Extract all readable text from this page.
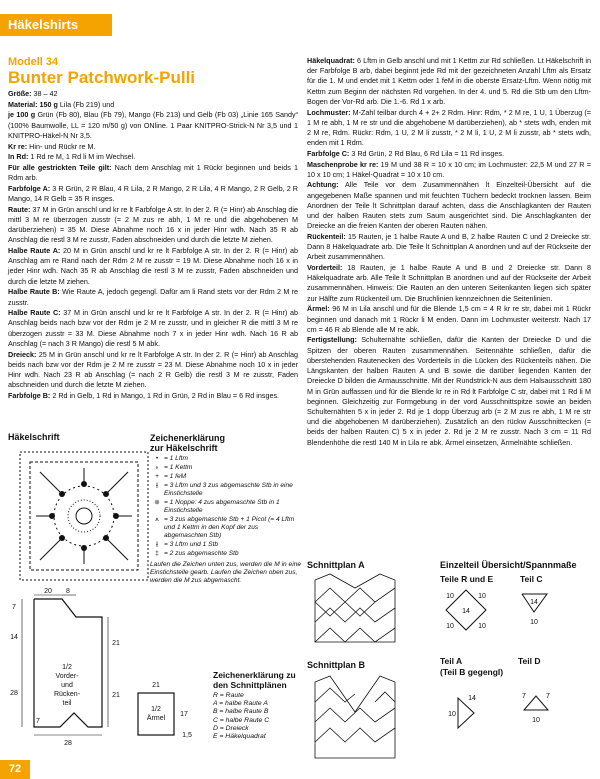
Häkelshirts
Modell 34
Bunter Patchwork-Pulli

Größe: 38 – 42

Material: 150 g Lila (Fb 219) und

je 100 g Grün (Fb 80), Blau (Fb 79), Mango (Fb 213) und Gelb (Fb 03) „Linie 165 Sandy“ (100% Baumwolle, LL = 120 m/50 g) von ONline. 1 Paar KNITPRO-Strick-N Nr 3,5 und 1 KNITPRO-Häkel-N Nr 3,5.

Kr re: Hin- und Rückr re M.

In Rd: 1 Rd re M, 1 Rd li M im Wechsel.

Für alle gestrickten Teile gilt: Nach dem Anschlag mit 1 Rückr beginnen und beids 1 Rdm arb.

Farbfolge A: 3 R Grün, 2 R Blau, 4 R Lila, 2 R Mango, 2 R Lila, 4 R Mango, 2 R Gelb, 2 R Mango, 14 R Gelb = 35 R insges.

Raute: 37 M in Grün anschl und kr re lt Farbfolge A str. In der 2. R (= Hinr) ab Anschlag die mittl 3 M re überzogen zusstr (= 2 M zus re abh, 1 M re und die abgehobenen M darüberziehen) = 35 M. Diese Abnahme noch 16 x in jeder Hinr wdh. Nach 35 R ab Anschlag die restl 3 M re zusstr, Faden abschneiden und durch die letzte M ziehen.

Halbe Raute A: 20 M in Grün anschl und kr re lt Farbfolge A str. In der 2. R (= Hinr) ab Anschlag am re Rand nach der Rdm 2 M re zusstr = 19 M. Diese Abnahme noch 16 x in jeder Hinr wdh. Nach 35 R ab Anschlag die restl 3 M re zusstr, Faden abschneiden und durch die letzte M ziehen.

Halbe Raute B: Wie Raute A, jedoch gegengl. Dafür am li Rand stets vor der Rdm 2 M re zusstr.

Halbe Raute C: 37 M in Grün anschl und kr re lt Farbfolge A str. In der 2. R (= Hinr) ab Anschlag beids nach bzw vor der Rdm je 2 M re zusstr, und in gleicher R die mittl 3 M re überzogen zusstr = 33 M. Diese Abnahme noch 7 x in jeder Hinr wdh. Nach 16 R ab Anschlag (= nach 3 R Mango) die restl 5 M abk.

Dreieck: 25 M in Grün anschl und kr re lt Farbfolge A str. In der 2. R (= Hinr) ab Anschlag beids nach bzw vor der Rdm je 2 M re zusstr = 23 M. Diese Abnahme noch 10 x in jeder Hinr wdh. Nach 23 R ab Anschlag (= nach 2 R Gelb) die restl 3 M re zusstr, Faden abschneiden und durch die letzte M ziehen.

Farbfolge B: 2 Rd in Gelb, 1 Rd in Mango, 1 Rd in Grün, 2 Rd in Blau = 6 Rd insges.

Häkelquadrat: 6 Lftm in Gelb anschl und mit 1 Kettm zur Rd schließen. Lt Häkelschrift in der Farbfolge B arb, dabei beginnt jede Rd mit der gezeichneten Anzahl Lftm als Ersatz für die 1. M und endet mit 1 Kettm oder 1 feM in die oberste Ersatz-Lftm. Wenn nötig mit Kettm zum Beginn der nächsten Rd vorgehen. In der 4. und 5. Rd die Stb um den Lftm-Bogen der Vor-Rd arb. Die 1.-6. Rd 1 x arb.

Lochmuster: M-Zahl teilbar durch 4 + 2+ 2 Rdm. Hinr: Rdm, * 2 M re, 1 U, 1 Überzug (= 1 M re abh, 1 M re str und die abgehobene M darüberziehen), ab * stets wdh, enden mit 2 M re, Rdm. Rückr: Rdm, 1 U, 2 M li zusstr, * 2 M li, 1 U, 2 M li zusstr, ab * stets wdh, enden mit 1 Rdm.

Farbfolge C: 3 Rd Grün, 2 Rd Blau, 6 Rd Lila = 11 Rd insges.

Maschenprobe kr re: 19 M und 38 R = 10 x 10 cm; im Lochmuster: 22,5 M und 27 R = 10 x 10 cm; 1 Häkel-Quadrat = 10 x 10 cm.

Achtung: Alle Teile vor dem Zusammennähen lt Einzelteil-Übersicht auf die angegebenen Maße spannen und mit feuchten Tüchern bedeckt trocknen lassen. Beim Anordnen der Teile lt Schnittplan darauf achten, dass die Anschlagkanten der Rauten und der halben Rauten stets zum Saum ausgerichtet sind. Die Anschlagkanten der Dreiecke an die freien Kanten der oberen Rauten nähen.

Rückenteil: 15 Rauten, je 1 halbe Raute A und B, 2 halbe Rauten C und 2 Dreiecke str. Dann 8 Häkelquadrate arb. Die Teile lt Schnittplan A anordnen und auf der Rückseite der Arbeit zusammennähen.

Vorderteil: 18 Rauten, je 1 halbe Raute A und B und 2 Dreiecke str. Dann 8 Häkelquadrate arb. Alle Teile lt Schnittplan B anordnen und auf der Rückseite der Arbeit zusammennähen. Hinweis: Die Rauten an den unteren Seitenkanten liegen sich später zur Hälfte zum Rückenteil um. Die Bruchlinien kennzeichnen die Seitenlinien.

Ärmel: 96 M in Lila anschl und für die Blende 1,5 cm = 4 R kr re str, dabei mit 1 Rückr beginnen und danach mit 1 Rückr li M enden. Dann im Lochmuster weiterstr. Nach 17 cm = 46 R ab Blende alle M re abk.

Fertigstellung: Schulternähte schließen, dafür die Kanten der Dreiecke D und die Spitzen der oberen Rauten zusammennähen. Seitennähte schließen, dafür die überstehenden Rautenecken des Vorderteils in die Lücken des Rückenteils nähen. Die Längskanten der halben Rauten A und B sowie die darüber liegenden Kanten der Dreiecke D bilden die Armausschnitte. Mit der Rundstrick-N aus dem Halsausschnitt 180 M in Grün auffassen und für die Blende kr re in Rd lt Farbfolge C str, dabei mit 1 Rd li M beginnen. Gleichzeitig zur Formgebung in der vord Ausschnittspitze sowie an beiden Schulternähten 5 x in jeder 2. Rd je 1 dopp Überzug arb (= 2 M zus re abh, 1 M re str und die abgehobenen M darüberziehen). Zusätzlich an den rückw Ausschnittecken (= beids der halben Rauten C) 5 x in jeder 2. Rd je 2 M re zusstr. Nach 3 cm = 11 Rd Blendenhöhe die restl 140 M in Lila re abk. Ärmel einsetzen, Ärmelnähte schließen.

Häkelschrift	Zeichenerklärung
zur Häkelschrift
• = 1 Lftm
∘ = 1 Kettm
+ = 1 feM
⫲ = 3 Lftm und 3 zus abgemaschte Stb in eine Einstichstelle
⊚ = 1 Noppe: 4 zus abgemaschte Stb in 1 Einstichstelle
⩚ = 3 zus abgemaschte Stb + 1 Picot (= 4 Lftm und 1 Kettm in den Kopf der zus abgemaschten Stb)
⫲ = 3 Lftm und 1 Stb
‡ = 2 zus abgemaschte Stb
Laufen die Zeichen unten zus, werden die M in eine Einstichstelle gearb. Laufen die Zeichen oben zus, werden die M zus abgemascht.
20 8
7
14
28
21
21
7
28
1/2
Vorder-
und
Rücken-
teil
21
1/2
Ärmel
17
1,5
Zeichenerklärung zu
den Schnittplänen
R = Raute
A = halbe Raute A
B = halbe Raute B
C = halbe Raute C
D = Dreieck
E = Häkelquadrat
Schnittplan A
Schnittplan B
Einzelteil Übersicht/Spannmaße
Teile R und E	Teil C
10	10
10	10
14
14
10
Teil A
(Teil B gegengl)
Teil D
10
14	7	7
10
72
